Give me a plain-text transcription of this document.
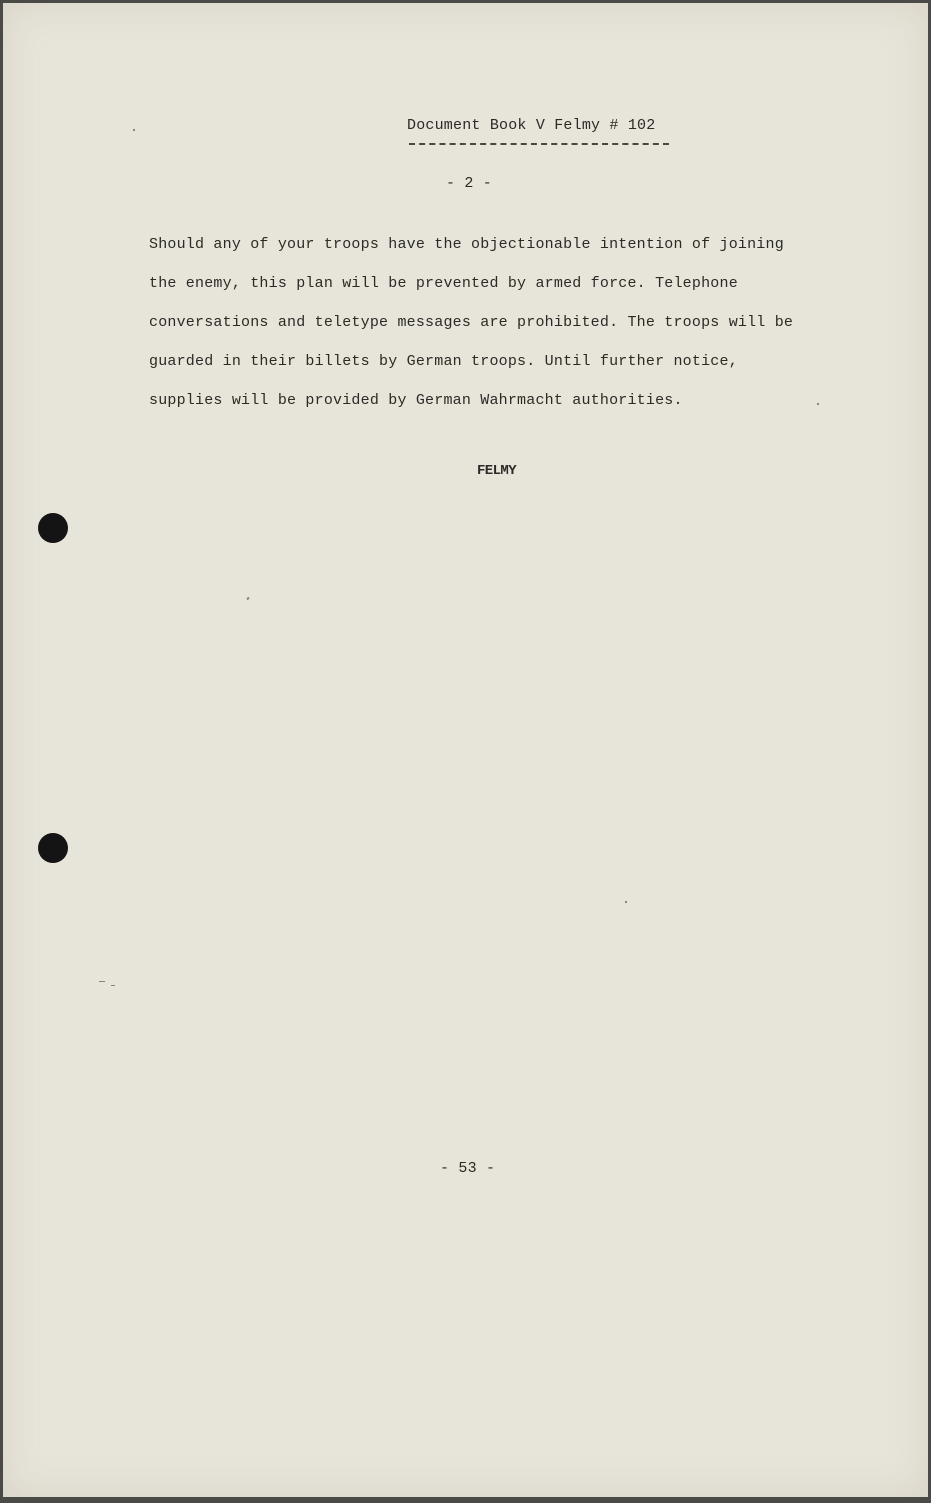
Document Book V Felmy # 102
- 2 -
Should any of your troops have the objectionable intention of joining
the enemy, this plan will be prevented by armed force. Telephone
conversations and teletype messages are prohibited. The troops will be
guarded in their billets by German troops. Until further notice,
supplies will be provided by German Wahrmacht authorities.
FELMY
- 53 -
